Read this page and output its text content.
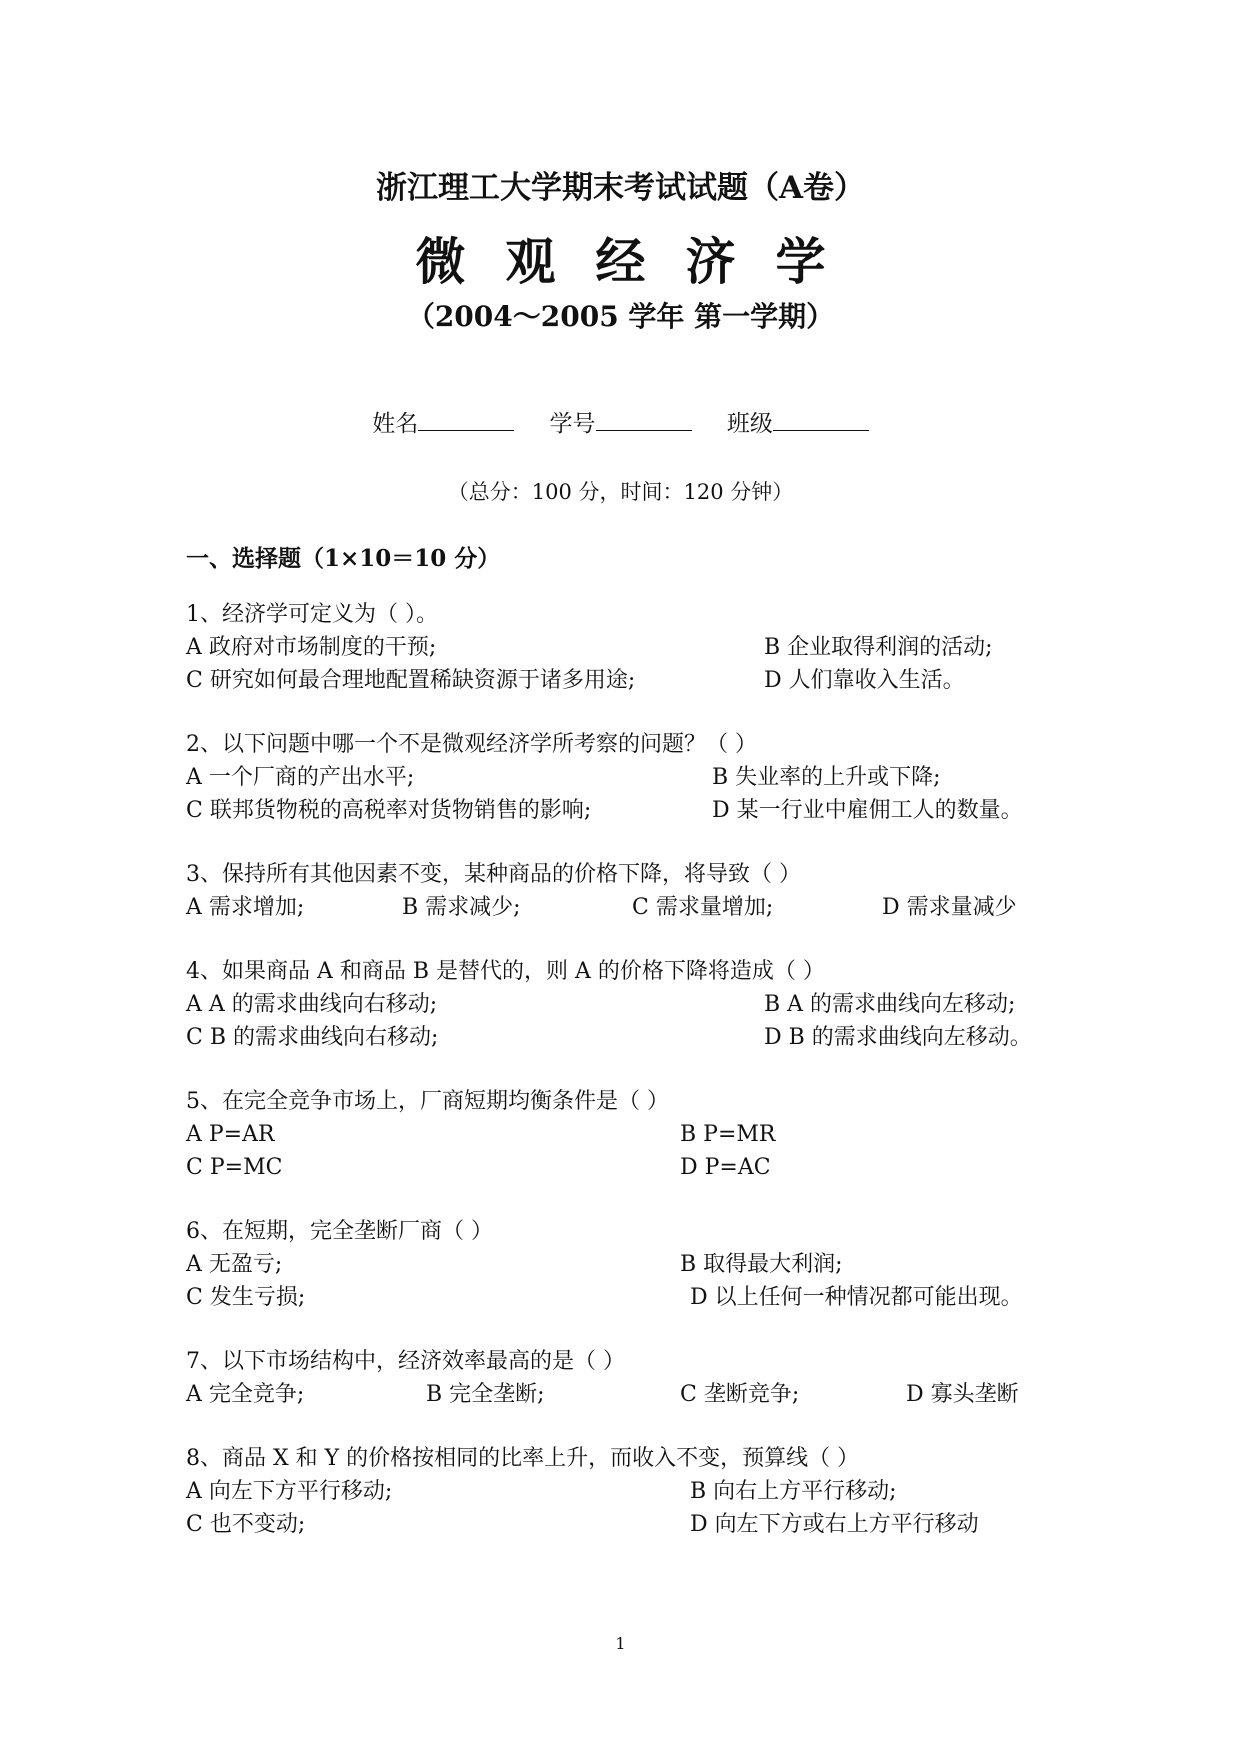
浙江理工大学期末考试试题（A卷）
微观经济学
（2004～2005 学年 第一学期）
姓名	学号	班级
（总分：100 分，时间：120 分钟）
一、选择题（1×10＝10 分）
1、经济学可定义为（ ）。
A 政府对市场制度的干预;	B 企业取得利润的活动;
C 研究如何最合理地配置稀缺资源于诸多用途;	D 人们靠收入生活。
2、以下问题中哪一个不是微观经济学所考察的问题？（ ）
A 一个厂商的产出水平;	B 失业率的上升或下降;
C 联邦货物税的高税率对货物销售的影响;	D 某一行业中雇佣工人的数量。
3、保持所有其他因素不变，某种商品的价格下降，将导致（ ）
A 需求增加;	B 需求减少;	C 需求量增加;	D 需求量减少
4、如果商品 A 和商品 B 是替代的，则 A 的价格下降将造成（ ）
A A 的需求曲线向右移动;	B A 的需求曲线向左移动;
C B 的需求曲线向右移动;	D B 的需求曲线向左移动。
5、在完全竞争市场上，厂商短期均衡条件是（ ）
A P=AR	B P=MR
C P=MC	D P=AC
6、在短期，完全垄断厂商（ ）
A 无盈亏;	B 取得最大利润;
C 发生亏损;	D 以上任何一种情况都可能出现。
7、以下市场结构中，经济效率最高的是（ ）
A 完全竞争;	B 完全垄断;	C 垄断竞争;	D 寡头垄断
8、商品 X 和 Y 的价格按相同的比率上升，而收入不变，预算线（ ）
A 向左下方平行移动;	B 向右上方平行移动;
C 也不变动;	D 向左下方或右上方平行移动
1
